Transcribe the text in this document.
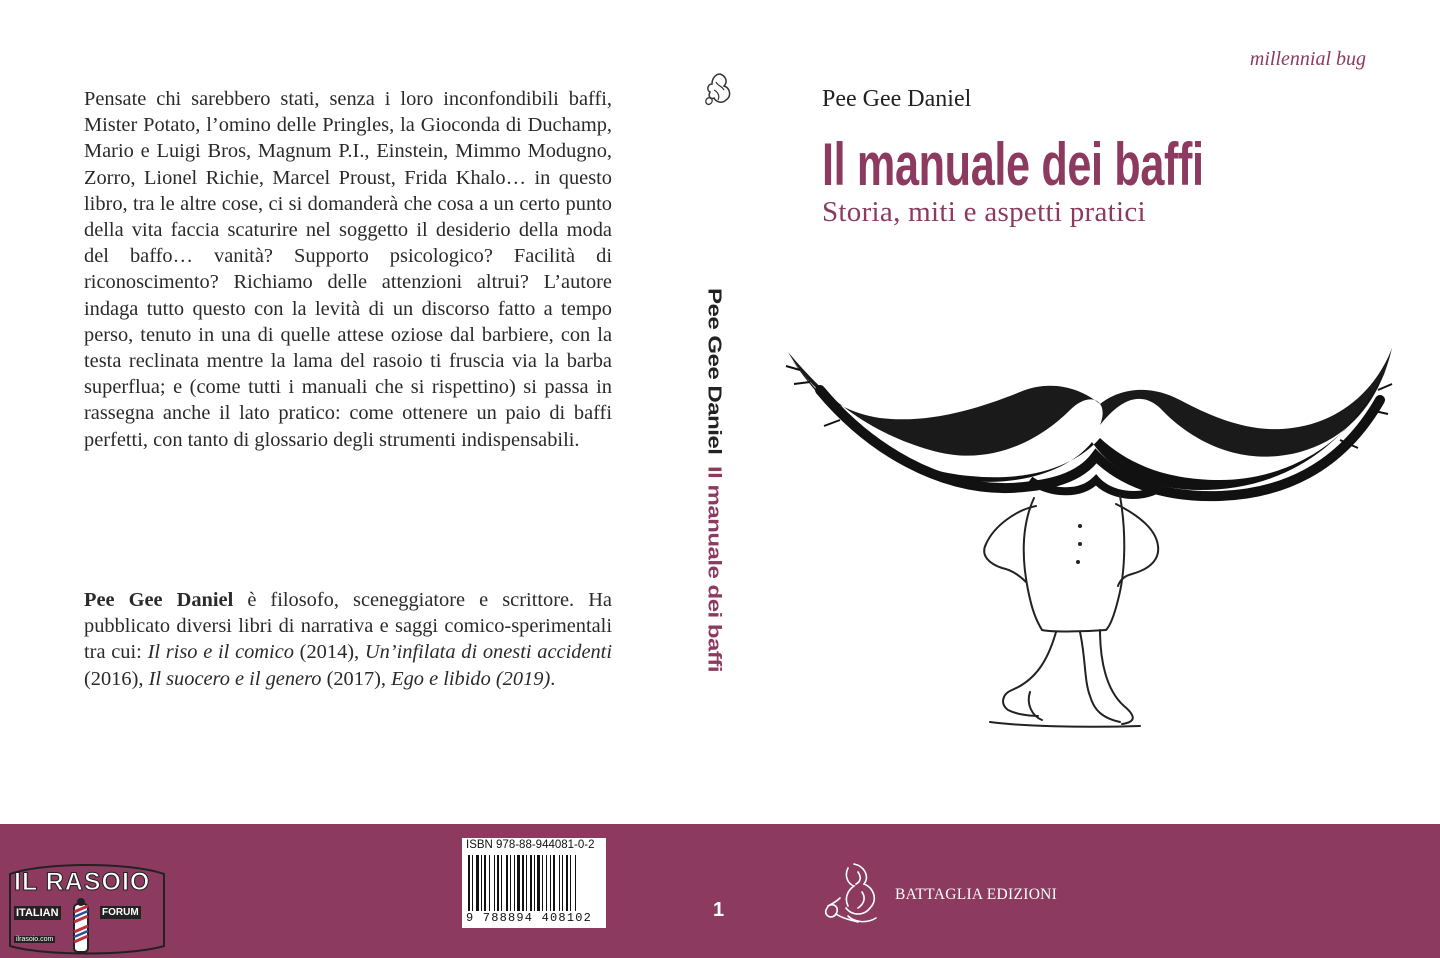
Pensate chi sarebbero stati, senza i loro inconfondibili baffi, Mister Potato, l’omino delle Pringles, la Gioconda di Duchamp, Mario e Luigi Bros, Magnum P.I., Einstein, Mimmo Modugno, Zorro, Lionel Richie, Marcel Proust, Frida Khalo… in questo libro, tra le altre cose, ci si domanderà che cosa a un certo punto della vita faccia scaturire nel soggetto il desiderio della moda del baffo… vanità? Supporto psicologico? Facilità di riconoscimento? Richiamo delle attenzioni altrui? L’autore indaga tutto questo con la levità di un discorso fatto a tempo perso, tenuto in una di quelle attese oziose dal barbiere, con la testa reclinata mentre la lama del rasoio ti fruscia via la barba superflua; e (come tutti i manuali che si rispettino) si passa in rassegna anche il lato pratico: come ottenere un paio di baffi perfetti, con tanto di glossario degli strumenti indispensabili.
Pee Gee Daniel è filosofo, sceneggiatore e scrittore. Ha pubblicato diversi libri di narrativa e saggi comico-sperimentali tra cui: Il riso e il comico (2014), Un’infilata di onesti accidenti (2016), Il suocero e il genero (2017), Ego e libido (2019).
Pee Gee Daniel
Il manuale dei baffi
millennial bug
Pee Gee Daniel
Il manuale dei baffi
Storia, miti e aspetti pratici
ISBN 978-88-944081-0-2
9 788894 408102	1
BATTAGLIA EDIZIONI
IL RASOIO
ITALIAN	FORUM
ilrasoio.com
